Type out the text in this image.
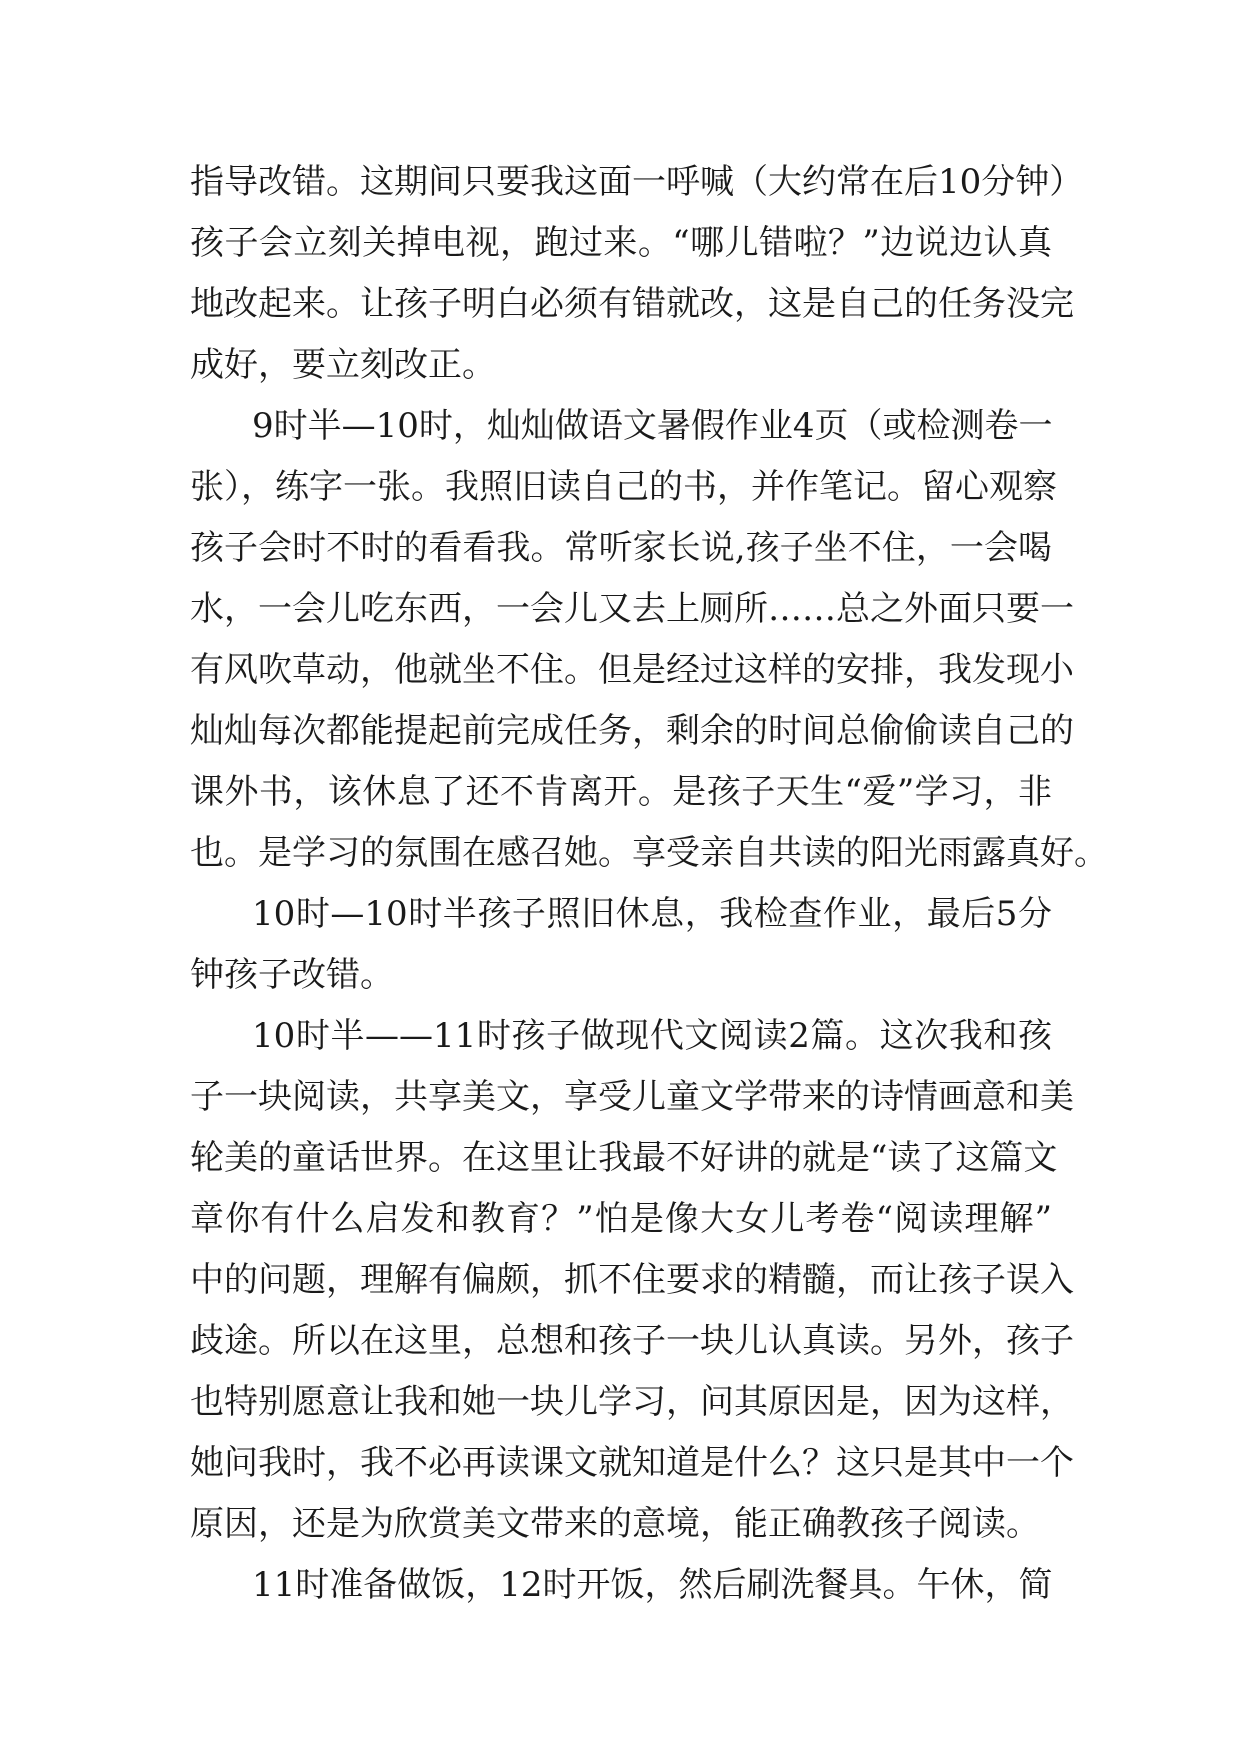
指导改错。这期间只要我这面一呼喊（大约常在后10分钟）
孩子会立刻关掉电视，跑过来。“哪儿错啦？”边说边认真
地改起来。让孩子明白必须有错就改，这是自己的任务没完
成好，要立刻改正。
9时半—10时，灿灿做语文暑假作业4页（或检测卷一
张），练字一张。我照旧读自己的书，并作笔记。留心观察
孩子会时不时的看看我。常听家长说,孩子坐不住，一会喝
水，一会儿吃东西，一会儿又去上厕所……总之外面只要一
有风吹草动，他就坐不住。但是经过这样的安排，我发现小
灿灿每次都能提起前完成任务，剩余的时间总偷偷读自己的
课外书，该休息了还不肯离开。是孩子天生“爱”学习，非
也。是学习的氛围在感召她。享受亲自共读的阳光雨露真好。
10时—10时半孩子照旧休息，我检查作业，最后5分
钟孩子改错。
10时半——11时孩子做现代文阅读2篇。这次我和孩
子一块阅读，共享美文，享受儿童文学带来的诗情画意和美
轮美的童话世界。在这里让我最不好讲的就是“读了这篇文
章你有什么启发和教育？”怕是像大女儿考卷“阅读理解”
中的问题，理解有偏颇，抓不住要求的精髓，而让孩子误入
歧途。所以在这里，总想和孩子一块儿认真读。另外，孩子
也特别愿意让我和她一块儿学习，问其原因是，因为这样，
她问我时，我不必再读课文就知道是什么？这只是其中一个
原因，还是为欣赏美文带来的意境，能正确教孩子阅读。
11时准备做饭，12时开饭，然后刷洗餐具。午休，简
